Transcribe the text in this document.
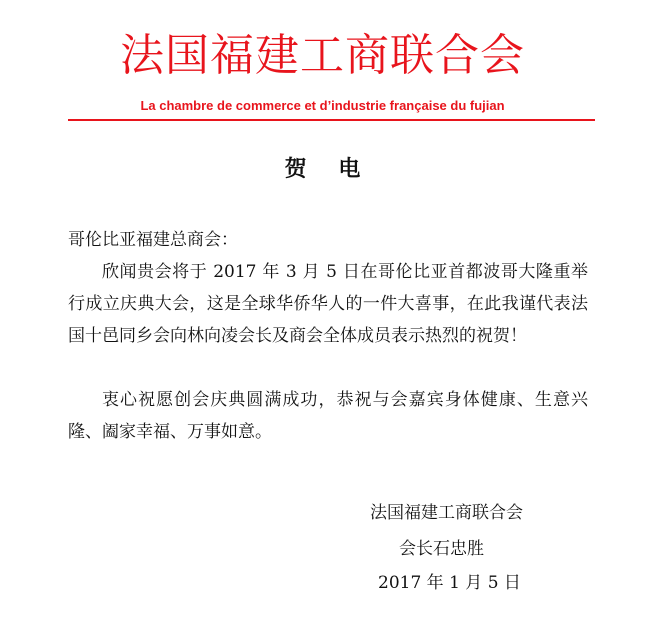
法国福建工商联合会
La chambre de commerce et d’industrie française du fujian
贺 电
哥伦比亚福建总商会：
欣闻贵会将于 2017 年 3 月 5 日在哥伦比亚首都波哥大隆重举行成立庆典大会，这是全球华侨华人的一件大喜事，在此我谨代表法国十邑同乡会向林向凌会长及商会全体成员表示热烈的祝贺！
衷心祝愿创会庆典圆满成功，恭祝与会嘉宾身体健康、生意兴隆、阖家幸福、万事如意。
法国福建工商联合会
会长石忠胜
2017 年 1 月 5 日
